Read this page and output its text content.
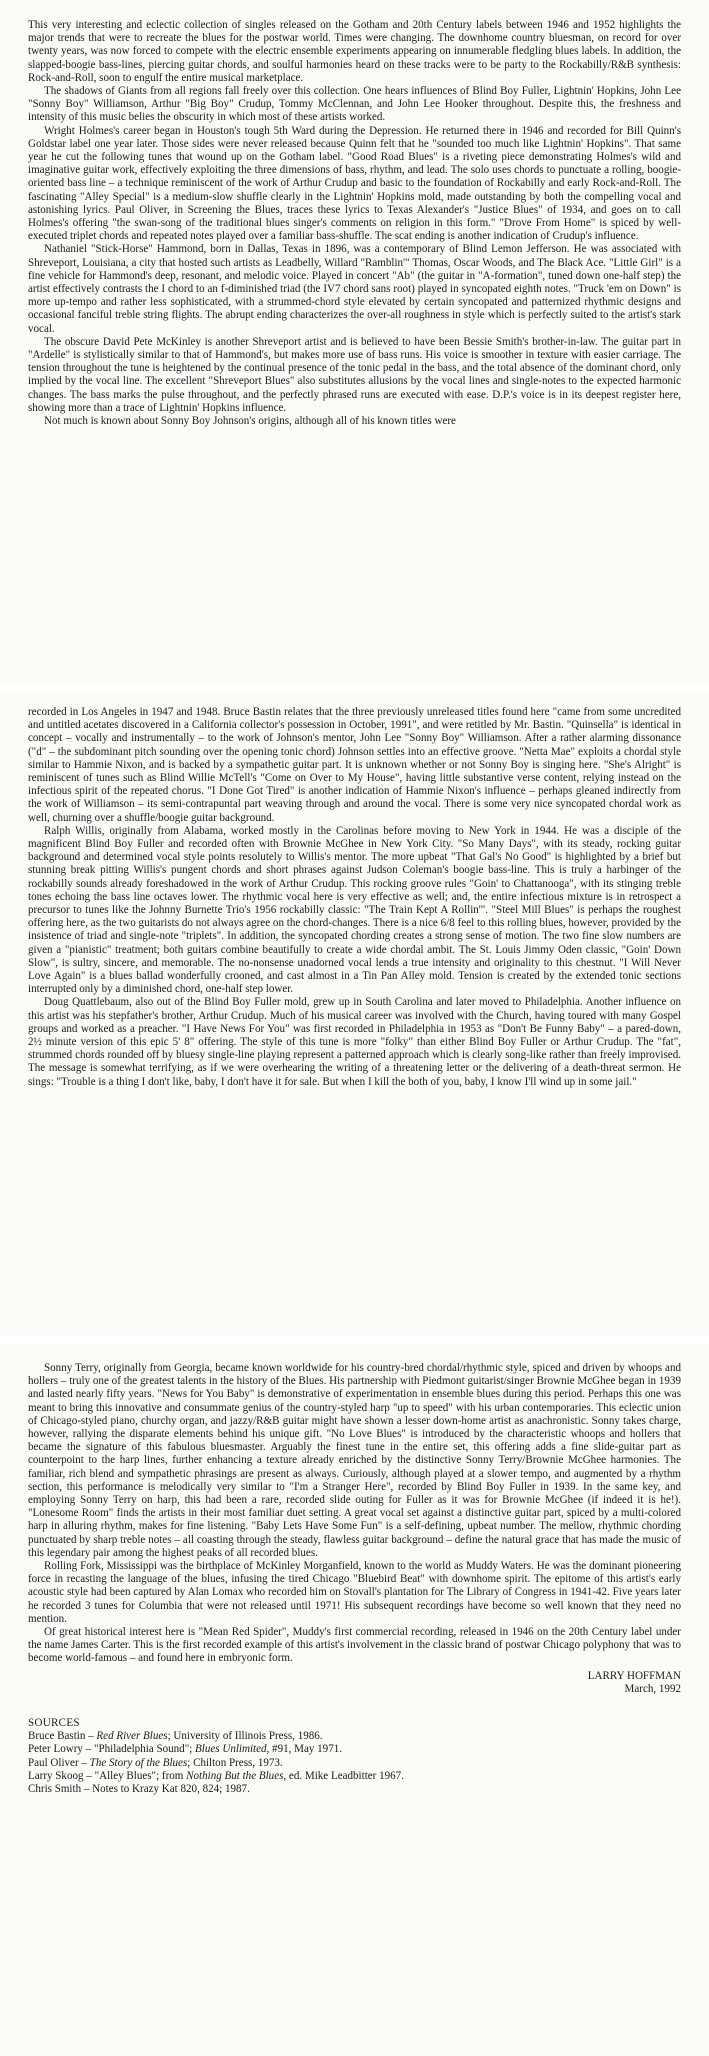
This very interesting and eclectic collection of singles released on the Gotham and 20th Century labels between 1946 and 1952 highlights the major trends that were to recreate the blues for the postwar world. Times were changing. The downhome country bluesman, on record for over twenty years, was now forced to compete with the electric ensemble experiments appearing on innumerable fledgling blues labels. In addition, the slapped-boogie bass-lines, piercing guitar chords, and soulful harmonies heard on these tracks were to be party to the Rockabilly/R&B synthesis: Rock-and-Roll, soon to engulf the entire musical marketplace.

The shadows of Giants from all regions fall freely over this collection. One hears influences of Blind Boy Fuller, Lightnin' Hopkins, John Lee "Sonny Boy" Williamson, Arthur "Big Boy" Crudup, Tommy McClennan, and John Lee Hooker throughout. Despite this, the freshness and intensity of this music belies the obscurity in which most of these artists worked.

Wright Holmes's career began in Houston's tough 5th Ward during the Depression. He returned there in 1946 and recorded for Bill Quinn's Goldstar label one year later. Those sides were never released because Quinn felt that he "sounded too much like Lightnin' Hopkins". That same year he cut the following tunes that wound up on the Gotham label. "Good Road Blues" is a riveting piece demonstrating Holmes's wild and imaginative guitar work, effectively exploiting the three dimensions of bass, rhythm, and lead. The solo uses chords to punctuate a rolling, boogie-oriented bass line – a technique reminiscent of the work of Arthur Crudup and basic to the foundation of Rockabilly and early Rock-and-Roll. The fascinating "Alley Special" is a medium-slow shuffle clearly in the Lightnin' Hopkins mold, made outstanding by both the compelling vocal and astonishing lyrics. Paul Oliver, in Screening the Blues, traces these lyrics to Texas Alexander's "Justice Blues" of 1934, and goes on to call Holmes's offering "the swan-song of the traditional blues singer's comments on religion in this form." "Drove From Home" is spiced by well-executed triplet chords and repeated notes played over a familiar bass-shuffle. The scat ending is another indication of Crudup's influence.

Nathaniel "Stick-Horse" Hammond, born in Dallas, Texas in 1896, was a contemporary of Blind Lemon Jefferson. He was associated with Shreveport, Louisiana, a city that hosted such artists as Leadbelly, Willard "Ramblin'" Thomas, Oscar Woods, and The Black Ace. "Little Girl" is a fine vehicle for Hammond's deep, resonant, and melodic voice. Played in concert "Ab" (the guitar in "A-formation", tuned down one-half step) the artist effectively contrasts the I chord to an f-diminished triad (the IV7 chord sans root) played in syncopated eighth notes. "Truck 'em on Down" is more up-tempo and rather less sophisticated, with a strummed-chord style elevated by certain syncopated and patternized rhythmic designs and occasional fanciful treble string flights. The abrupt ending characterizes the over-all roughness in style which is perfectly suited to the artist's stark vocal.

The obscure David Pete McKinley is another Shreveport artist and is believed to have been Bessie Smith's brother-in-law. The guitar part in "Ardelle" is stylistically similar to that of Hammond's, but makes more use of bass runs. His voice is smoother in texture with easier carriage. The tension throughout the tune is heightened by the continual presence of the tonic pedal in the bass, and the total absence of the dominant chord, only implied by the vocal line. The excellent "Shreveport Blues" also substitutes allusions by the vocal lines and single-notes to the expected harmonic changes. The bass marks the pulse throughout, and the perfectly phrased runs are executed with ease. D.P.'s voice is in its deepest register here, showing more than a trace of Lightnin' Hopkins influence.

Not much is known about Sonny Boy Johnson's origins, although all of his known titles were

recorded in Los Angeles in 1947 and 1948. Bruce Bastin relates that the three previously unreleased titles found here "came from some uncredited and untitled acetates discovered in a California collector's possession in October, 1991", and were retitled by Mr. Bastin. "Quinsella" is identical in concept – vocally and instrumentally – to the work of Johnson's mentor, John Lee "Sonny Boy" Williamson. After a rather alarming dissonance ("d" – the subdominant pitch sounding over the opening tonic chord) Johnson settles into an effective groove. "Netta Mae" exploits a chordal style similar to Hammie Nixon, and is backed by a sympathetic guitar part. It is unknown whether or not Sonny Boy is singing here. "She's Alright" is reminiscent of tunes such as Blind Willie McTell's "Come on Over to My House", having little substantive verse content, relying instead on the infectious spirit of the repeated chorus. "I Done Got Tired" is another indication of Hammie Nixon's influence – perhaps gleaned indirectly from the work of Williamson – its semi-contrapuntal part weaving through and around the vocal. There is some very nice syncopated chordal work as well, churning over a shuffle/boogie guitar background.

Ralph Willis, originally from Alabama, worked mostly in the Carolinas before moving to New York in 1944. He was a disciple of the magnificent Blind Boy Fuller and recorded often with Brownie McGhee in New York City. "So Many Days", with its steady, rocking guitar background and determined vocal style points resolutely to Willis's mentor. The more upbeat "That Gal's No Good" is highlighted by a brief but stunning break pitting Willis's pungent chords and short phrases against Judson Coleman's boogie bass-line. This is truly a harbinger of the rockabilly sounds already foreshadowed in the work of Arthur Crudup. This rocking groove rules "Goin' to Chattanooga", with its stinging treble tones echoing the bass line octaves lower. The rhythmic vocal here is very effective as well; and, the entire infectious mixture is in retrospect a precursor to tunes like the Johnny Burnette Trio's 1956 rockabilly classic: "The Train Kept A Rollin'". "Steel Mill Blues" is perhaps the roughest offering here, as the two guitarists do not always agree on the chord-changes. There is a nice 6/8 feel to this rolling blues, however, provided by the insistence of triad and single-note "triplets". In addition, the syncopated chording creates a strong sense of motion. The two fine slow numbers are given a "pianistic" treatment; both guitars combine beautifully to create a wide chordal ambit. The St. Louis Jimmy Oden classic, "Goin' Down Slow", is sultry, sincere, and memorable. The no-nonsense unadorned vocal lends a true intensity and originality to this chestnut. "I Will Never Love Again" is a blues ballad wonderfully crooned, and cast almost in a Tin Pan Alley mold. Tension is created by the extended tonic sections interrupted only by a diminished chord, one-half step lower.

Doug Quattlebaum, also out of the Blind Boy Fuller mold, grew up in South Carolina and later moved to Philadelphia. Another influence on this artist was his stepfather's brother, Arthur Crudup. Much of his musical career was involved with the Church, having toured with many Gospel groups and worked as a preacher. "I Have News For You" was first recorded in Philadelphia in 1953 as "Don't Be Funny Baby" – a pared-down, 2½ minute version of this epic 5' 8" offering. The style of this tune is more "folky" than either Blind Boy Fuller or Arthur Crudup. The "fat", strummed chords rounded off by bluesy single-line playing represent a patterned approach which is clearly song-like rather than freely improvised. The message is somewhat terrifying, as if we were overhearing the writing of a threatening letter or the delivering of a death-threat sermon. He sings: "Trouble is a thing I don't like, baby, I don't have it for sale. But when I kill the both of you, baby, I know I'll wind up in some jail."

Sonny Terry, originally from Georgia, became known worldwide for his country-bred chordal/rhythmic style, spiced and driven by whoops and hollers – truly one of the greatest talents in the history of the Blues. His partnership with Piedmont guitarist/singer Brownie McGhee began in 1939 and lasted nearly fifty years. "News for You Baby" is demonstrative of experimentation in ensemble blues during this period. Perhaps this one was meant to bring this innovative and consummate genius of the country-styled harp "up to speed" with his urban contemporaries. This eclectic union of Chicago-styled piano, churchy organ, and jazzy/R&B guitar might have shown a lesser down-home artist as anachronistic. Sonny takes charge, however, rallying the disparate elements behind his unique gift. "No Love Blues" is introduced by the characteristic whoops and hollers that became the signature of this fabulous bluesmaster. Arguably the finest tune in the entire set, this offering adds a fine slide-guitar part as counterpoint to the harp lines, further enhancing a texture already enriched by the distinctive Sonny Terry/Brownie McGhee harmonies. The familiar, rich blend and sympathetic phrasings are present as always. Curiously, although played at a slower tempo, and augmented by a rhythm section, this performance is melodically very similar to "I'm a Stranger Here", recorded by Blind Boy Fuller in 1939. In the same key, and employing Sonny Terry on harp, this had been a rare, recorded slide outing for Fuller as it was for Brownie McGhee (if indeed it is he!). "Lonesome Room" finds the artists in their most familiar duet setting. A great vocal set against a distinctive guitar part, spiced by a multi-colored harp in alluring rhythm, makes for fine listening. "Baby Lets Have Some Fun" is a self-defining, upbeat number. The mellow, rhythmic chording punctuated by sharp treble notes – all coasting through the steady, flawless guitar background – define the natural grace that has made the music of this legendary pair among the highest peaks of all recorded blues.

Rolling Fork, Mississippi was the birthplace of McKinley Morganfield, known to the world as Muddy Waters. He was the dominant pioneering force in recasting the language of the blues, infusing the tired Chicago "Bluebird Beat" with downhome spirit. The epitome of this artist's early acoustic style had been captured by Alan Lomax who recorded him on Stovall's plantation for The Library of Congress in 1941-42. Five years later he recorded 3 tunes for Columbia that were not released until 1971! His subsequent recordings have become so well known that they need no mention.

Of great historical interest here is "Mean Red Spider", Muddy's first commercial recording, released in 1946 on the 20th Century label under the name James Carter. This is the first recorded example of this artist's involvement in the classic brand of postwar Chicago polyphony that was to become world-famous – and found here in embryonic form.

LARRY HOFFMAN
March, 1992
SOURCES
Bruce Bastin – Red River Blues; University of Illinois Press, 1986.
Peter Lowry – "Philadelphia Sound"; Blues Unlimited, #91, May 1971.
Paul Oliver – The Story of the Blues; Chilton Press, 1973.
Larry Skoog – "Alley Blues"; from Nothing But the Blues, ed. Mike Leadbitter 1967.
Chris Smith – Notes to Krazy Kat 820, 824; 1987.
